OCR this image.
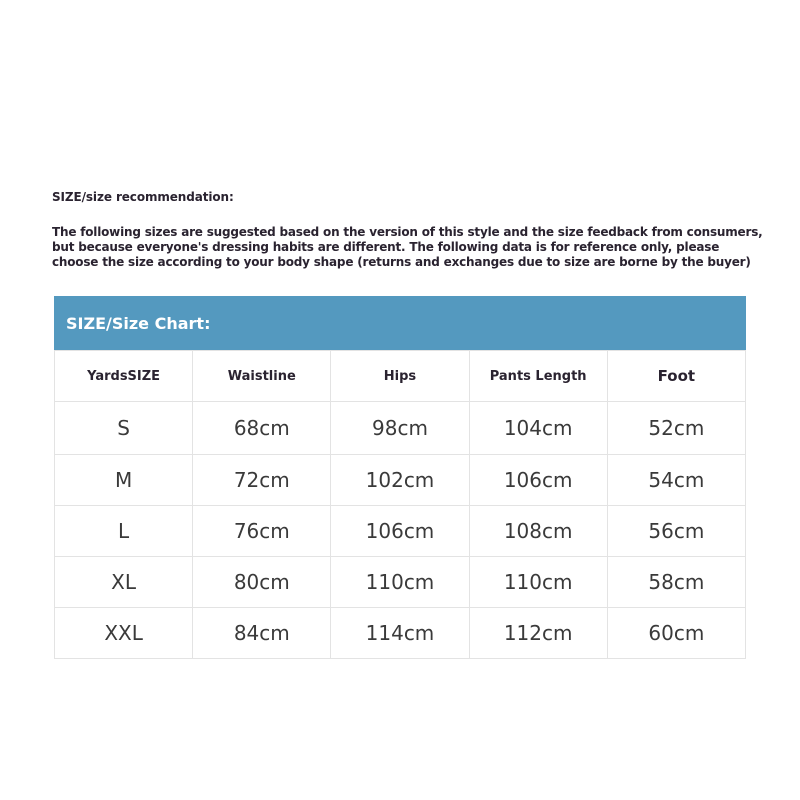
SIZE/size recommendation:
The following sizes are suggested based on the version of this style and the size feedback from consumers,
but because everyone's dressing habits are different. The following data is for reference only, please
choose the size according to your body shape (returns and exchanges due to size are borne by the buyer)
SIZE/Size Chart:
YardsSIZE	Waistline	Hips	Pants Length	Foot
S	68cm	98cm	104cm	52cm
M	72cm	102cm	106cm	54cm
L	76cm	106cm	108cm	56cm
XL	80cm	110cm	110cm	58cm
XXL	84cm	114cm	112cm	60cm
